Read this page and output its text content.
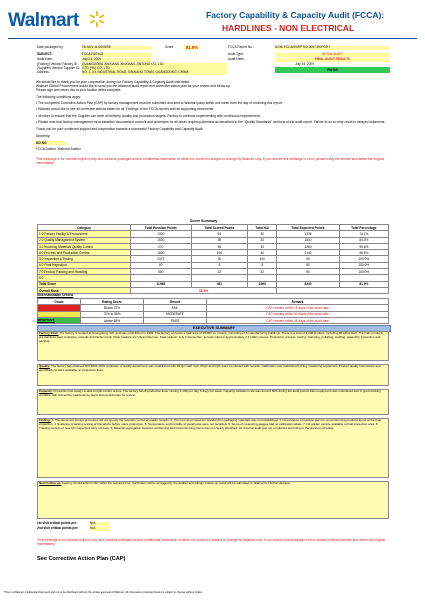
Walmart	Factory Capability & Capacity Audit (FCCA):
HARDLINES - NON ELECTRICAL
Date packaged by:	25-NOV-11/2009/RE	Score:	81.9%	FCCA Report No.:	DGW-FCCA/09/RPT00-0097-REPORT
SUBJECT:	FCCA RATING	Audit Type:	INITIAL AUDIT
Audit Date:	July 24, 2009	Audit Visits:	FINAL AUDIT RESULTS
(Factory) Vendor/ Factory ID: GUANGDONG XINXIANG XINXIANG JINTONG CO. LTD.
(Supplier) Vendor/ Supplier ID: GTD (HK) CO. LTD.
Address:	NO. 1, XX INDUSTRIAL ROAD, XINXIANG TOWN, GUANGDONG, CHINA
July 24, 2009
PASS
We would like to thank you for your cooperation during our Factory Capability & Capacity Audit visit dated
Walmart Global Procurement would like to send you the attached audit report and corrective action plan for your review and follow-up.
Please sign and return this to your Auditor when complete.
The following conditions apply:
• The completed Corrective Action Plan (CAP) by factory management must be submitted and sent to Walmart party within one week from the day of receiving this report.
• Walmart would like to see all corrective actions taken for all ‘Findings’ in the FCCA reports with all supporting documents.
• Vendors to ensure that the Supplier can meet all delivery, quality and production targets. Factory to continue implementing with continuous improvement.
• Please note that factory management must establish documented controls and processes for all areas requiring attention as described in the “Quality Standards” sections of the audit report. Failure to do so may result in delayed shipments.
Thank you for your continued support and cooperation towards a successful Factory Capability and Capacity Audit.
Sincerely,
KD NG
FCCA Auditor, Walmart Auditor
This message is for internal recipient only and contains privileged and/or confidential information of which the content is subject to change by Walmart only. If you receive this message in error, please notify the sender and delete the original immediately.
Score Summary
Category	Total Possible Points	Total Scored Points	Total N/A	Total Expected Points	Total Percentage
1.0 Factory Facility & Environment	1300	64	30	1306	74.1%
2.0 Quality Management System	1500	59	20	1500	84.3%
3.0 Incoming Materials Quality Control	270	69	30	1260	95.6%
4.0 Process and Production Control	1830	190	40	2140	96.6%
5.0 Inspection & Testing	3372	30	100	50	100.0%
6.0 Final Inspection	80	5	5	80	100.0%
7.0 Product Packing and Handling	500	32	32	90	100.0%
8.0					
Total Score	11965	481	1560	8340	81.9%
Overall Rank	81.9%				
Understandable Criteria
Grade	Rating Score	Result	Remark
	Below 70%	FAIL	CAP needed within 15 days of the audit date
	70% to 85%	MODERATE	CAP needed within 30 days of the audit date
	Above 85%	PASS	CAP needed within 45 days of the audit date
IMPORTANT:
EXECUTIVE SUMMARY
Factory Brief: The factory is located at Guangdong, GD, and was established in 1993. The factory occupies a total area of 26,000 sq. meters, consisting of 5 manufacturing buildings. There is a total of 1,200 workers, including 60 office staff. The main products are stainless steel cookware, utensils and kitchen tools. Main markets are US and Europe. Peak season: July to November, annual output is approximately 1.3 million pieces. Production process: cutting, stamping, polishing, welding, assembly, inspection and packing.
Quality: The factory has obtained ISO 9001:2000 certificate. A quality department was established with 35 QC staff. IQC, IPQC and FQC were conducted with records. Calibration was maintained for key measuring equipment. Product quality instructions and specifications were available on production lines.
Capacity: Production line design is able to fulfil current orders. The factory has 8 production lines running 1 shift per day, 6 days per week. Capacity utilisation rate was around 80% during the audit period. Main equipment was maintained and in good working condition with preventive maintenance plans and records kept for review.
Finding: 1. The document control procedure did not specify the retention period of quality records. 2. The incoming inspection standard for packaging materials was not established. 3. No evidence of reaction plan for nonconforming products found at the final inspection. 4. Evidence of lacking testing of first article before mass production. 5. Temperature and humidity of warehouse were not recorded. 6. Some of measuring gauges had no calibration labels. 7. No golden sample available at final inspection area. 8. Training records of new QC inspectors were not kept. 9. Material segregation between conforming and nonconforming items was not clearly identified. 10. Internal audit was not conducted according to the planned schedule.
Next Follow up: Factory should submit CAP within the required time. Verification will be arranged by the auditor accordingly. Follow-up result will be submitted to Walmart for further decision.
1st visit critical points per:	N/A
2nd visit critical points per:	N/A
This message is for internal recipient only and contains privileged and/or confidential information of which the content is subject to change by Walmart only. If you receive this message in error, please notify the sender and delete the original immediately.
See Corrective Action Plan (CAP)
This is a Walmart confidential document and not to be distributed without the written approval of Walmart. All information contained herein is subject to change without notice.
